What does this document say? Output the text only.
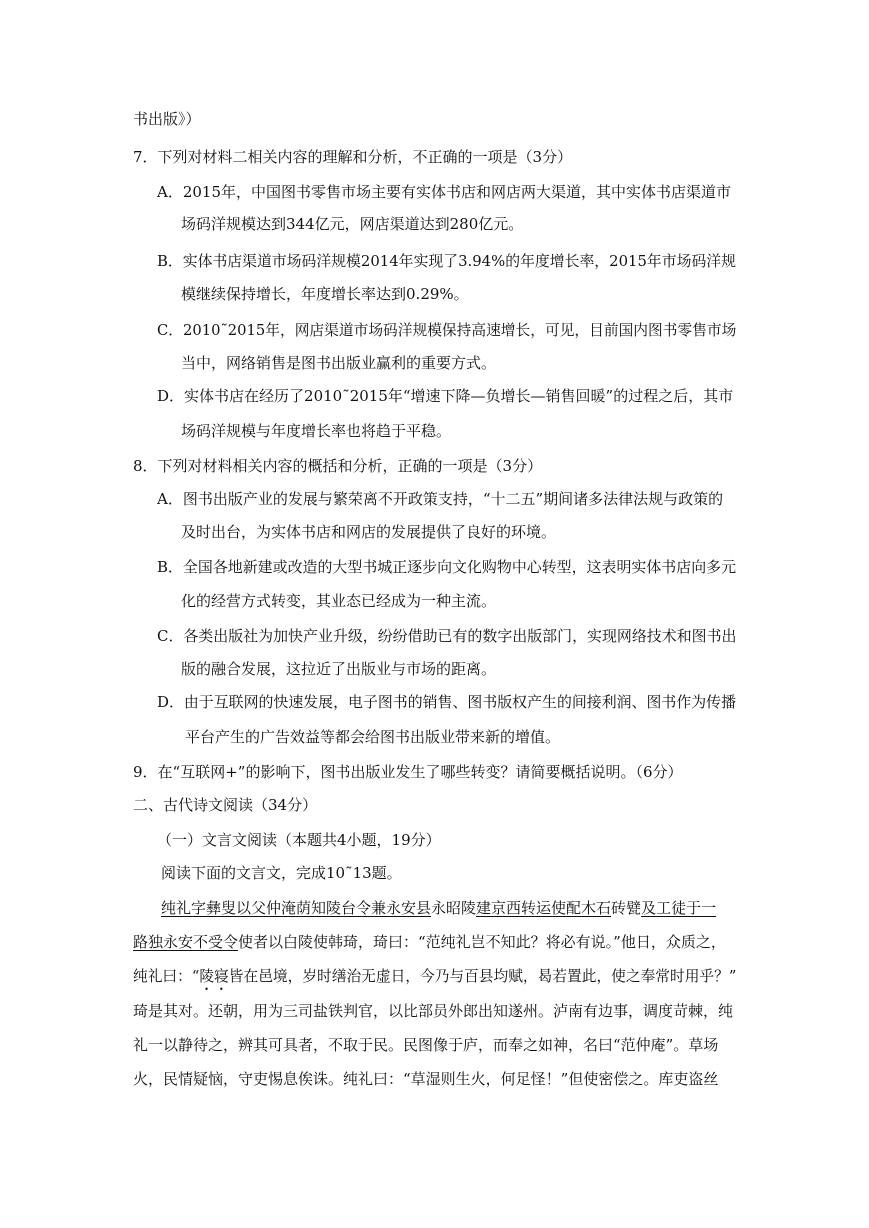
书出版》）
7．下列对材料二相关内容的理解和分析，不正确的一项是（3分）
A．2015年，中国图书零售市场主要有实体书店和网店两大渠道，其中实体书店渠道市
场码洋规模达到344亿元，网店渠道达到280亿元。
B．实体书店渠道市场码洋规模2014年实现了3.94%的年度增长率，2015年市场码洋规
模继续保持增长，年度增长率达到0.29%。
C．2010˜2015年，网店渠道市场码洋规模保持高速增长，可见，目前国内图书零售市场
当中，网络销售是图书出版业赢利的重要方式。
D．实体书店在经历了2010˜2015年“增速下降—负增长—销售回暖”的过程之后，其市
场码洋规模与年度增长率也将趋于平稳。
8．下列对材料相关内容的概括和分析，正确的一项是（3分）
A．图书出版产业的发展与繁荣离不开政策支持，“十二五”期间诸多法律法规与政策的
及时出台，为实体书店和网店的发展提供了良好的环境。
B．全国各地新建或改造的大型书城正逐步向文化购物中心转型，这表明实体书店向多元
化的经营方式转变，其业态已经成为一种主流。
C．各类出版社为加快产业升级，纷纷借助已有的数字出版部门，实现网络技术和图书出
版的融合发展，这拉近了出版业与市场的距离。
D．由于互联网的快速发展，电子图书的销售、图书版权产生的间接利润、图书作为传播
平台产生的广告效益等都会给图书出版业带来新的增值。
9．在“互联网+”的影响下，图书出版业发生了哪些转变？请简要概括说明。（6分）
二、古代诗文阅读（34分）
（一）文言文阅读（本题共4小题，19分）
阅读下面的文言文，完成10˜13题。
纯礼字彝叟以父仲淹荫知陵台令兼永安县永昭陵建京西转运使配木石砖甓及工徒于一
路独永安不受令使者以白陵使韩琦，琦曰：“范纯礼岂不知此？将必有说。”他日，众质之，
纯礼曰：“陵寝皆在邑境，岁时缮治无虚日，今乃与百县均赋，曷若置此，使之奉常时用乎？”
琦是其对。还朝，用为三司盐铁判官，以比部员外郎出知遂州。泸南有边事，调度苛棘，纯
礼一以静待之，辨其可具者，不取于民。民图像于庐，而奉之如神，名曰“范仲庵”。草场
火，民情疑恼，守吏惕息俟诛。纯礼曰：“草湿则生火，何足怪！”但使密偿之。库吏盗丝
